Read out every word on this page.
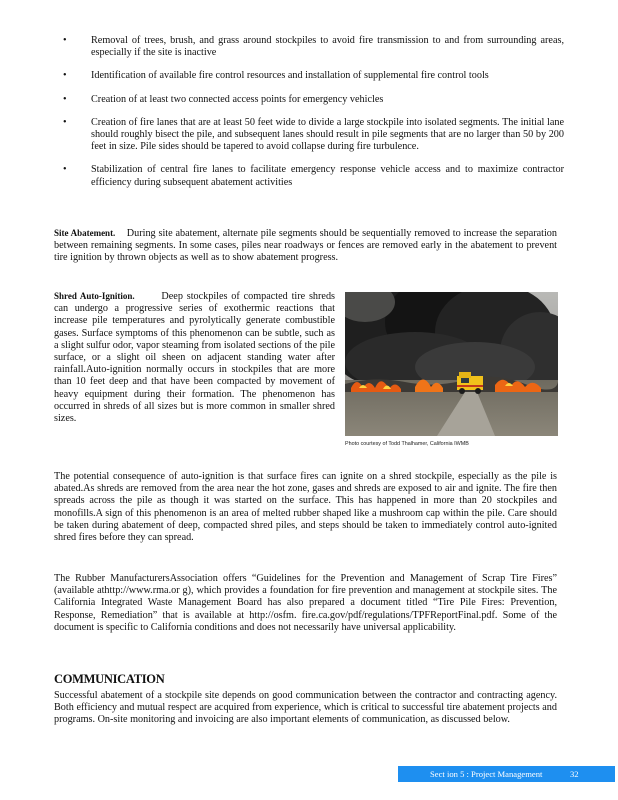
• Removal of trees, brush, and grass around stockpiles to avoid fire transmission to and from surrounding areas, especially if the site is inactive
• Identification of available fire control resources and installation of supplemental fire control tools
• Creation of at least two connected access points for emergency vehicles
• Creation of fire lanes that are at least 50 feet wide to divide a large stockpile into isolated segments. The initial lane should roughly bisect the pile, and subsequent lanes should result in pile segments that are no larger than 50 by 200 feet in size. Pile sides should be tapered to avoid collapse during fire turbulence.
• Stabilization of central fire lanes to facilitate emergency response vehicle access and to maximize contractor efficiency during subsequent abatement activities

Site Abatement. During site abatement, alternate pile segments should be sequentially removed to increase the separation between remaining segments. In some cases, piles near roadways or fences are removed early in the abatement to prevent tire ignition by thrown objects as well as to show abatement progress.

Shred Auto-Ignition.	Deep stockpiles of compacted tire shreds can undergo a progressive series of exothermic reactions that increase pile temperatures and pyrolytically generate combustible gases. Surface symptoms of this phenomenon can be subtle, such as a slight sulfur odor, vapor steaming from isolated sections of the pile surface, or a slight oil sheen on adjacent standing water after rainfall.Auto-ignition normally occurs in stockpiles that are more than 10 feet deep and that have been compacted by movement of heavy equipment during their formation. The phenomenon has occurred in shreds of all sizes but is more common in smaller shred sizes.

Photo courtesy of Todd Thalhamer, California IWMB

The potential consequence of auto-ignition is that surface fires can ignite on a shred stockpile, especially as the pile is abated.As shreds are removed from the area near the hot zone, gases and shreds are exposed to air and ignite. The fire then spreads across the pile as though it was started on the surface. This has happened in more than 20 stockpiles and monofills.A sign of this phenomenon is an area of melted rubber shaped like a mushroom cap within the pile. Care should be taken during abatement of deep, compacted shred piles, and steps should be taken to immediately control auto-ignited shred fires before they can spread.

The Rubber ManufacturersAssociation offers “Guidelines for the Prevention and Management of Scrap Tire Fires” (available athttp://www.rma.or g), which provides a foundation for fire prevention and management at stockpile sites. The California Integrated Waste Management Board has also prepared a document titled “Tire Pile Fires: Prevention, Response, Remediation” that is available at http://osfm. fire.ca.gov/pdf/regulations/TPFReportFinal.pdf. Some of the document is specific to California conditions and does not necessarily have universal applicability.

COMMUNICATION

Successful abatement of a stockpile site depends on good communication between the contractor and contracting agency. Both efficiency and mutual respect are acquired from experience, which is critical to successful tire abatement projects and programs. On-site monitoring and invoicing are also important elements of communication, as discussed below.

Sect ion 5 : Project Management	32
